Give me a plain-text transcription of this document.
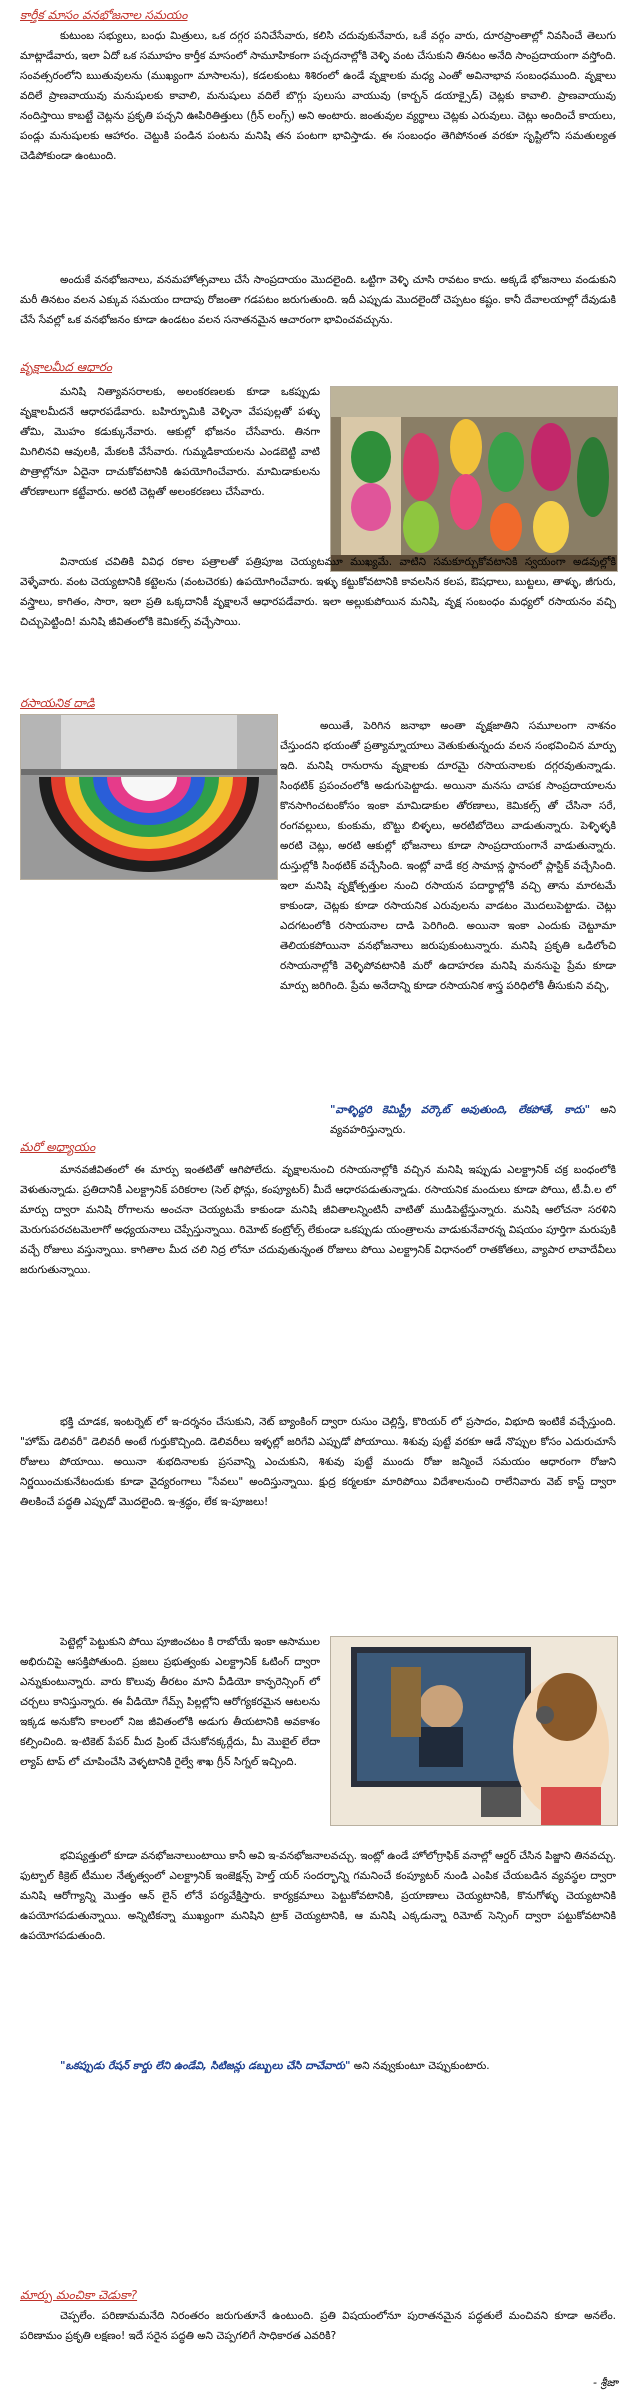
కార్తీక మాసం వనభోజనాల సమయం

కుటుంబ సభ్యులు, బంధు మిత్రులు, ఒక దగ్గర పనిచేసేవారు, కలిసి చదువుకునేవారు, ఒకే వర్గం వారు, దూరప్రాంతాల్లో నివసించే తెలుగు మాట్లాడేవారు, ఇలా ఏదో ఒక సమూహం కార్తీక మాసంలో సామూహికంగా పచ్చదనాల్లోకి వెళ్ళి వంట చేసుకుని తినటం అనేది సాంప్రదాయంగా వస్తోంది. సంవత్సరంలోని ఋతువులను (ముఖ్యంగా మాసాలను), కడలకుంటు శిశిరంలో ఉండే వృక్షాలకు మధ్య ఎంతో అవినాభావ సంబంధముంది. వృక్షాలు వదిలే ప్రాణవాయువు మనుషులకు కావాలి, మనుషులు వదిలే బొగ్గు పులుసు వాయువు (కార్బన్ డయాక్సైడ్) చెట్లకు కావాలి. ప్రాణవాయువు నందిస్తాయి కాబట్టే చెట్లను ప్రకృతి పచ్చని ఊపిరితిత్తులు (గ్రీన్ లంగ్స్) అని అంటారు. జంతువుల వ్యర్థాలు చెట్లకు ఎరువులు. చెట్లు అందించే కాయలు, పండ్లు మనుషులకు ఆహారం. చెట్టుకి పండిన పంటను మనిషి తన పంటగా భావిస్తాడు. ఈ సంబంధం తెగిపోనంత వరకూ సృష్టిలోని సమతుల్యత చెడిపోకుండా ఉంటుంది.

అందుకే వనభోజనాలు, వనమహోత్సవాలు చేసే సాంప్రదాయం మొదలైంది. ఒట్టిగా వెళ్ళి చూసి రావటం కాదు. అక్కడే భోజనాలు వండుకుని మరీ తినటం వలన ఎక్కువ సమయం దాదాపు రోజంతా గడపటం జరుగుతుంది. ఇదీ ఎప్పుడు మొదలైందో చెప్పటం కష్టం. కానీ దేవాలయాల్లో దేవుడుకి చేసే సేవల్లో ఒక వనభోజనం కూడా ఉండటం వలన సనాతనమైన ఆచారంగా భావించవచ్చును.

వృక్షాలమీద ఆధారం

మనిషి నిత్యావసరాలకు, అలంకరణలకు కూడా ఒకప్పుడు వృక్షాలమీదనే ఆధారపడేవారు. బహిర్భూమికి వెళ్ళినా వేపపుల్లతో పళ్ళు తోమి, మొహం కడుక్కునేవారు. ఆకుల్లో భోజనం చేసేవారు. తినగా మిగిలినవి ఆవులకి, మేకలకి వేసేవారు. గుమ్మడికాయలను ఎండబెట్టి వాటి పొత్రాల్లోనూ ఏదైనా దాచుకోవటానికి ఉపయోగించేవారు. మామిడాకులను తోరణాలుగా కట్టేవారు. అరటి చెట్లతో అలంకరణలు చేసేవారు.

వినాయక చవితికి వివిధ రకాల పత్రాలతో పత్రిపూజ చెయ్యటమూ ముఖ్యమే. వాటిని సమకూర్చుకోవటానికి స్వయంగా అడవుల్లోకి వెళ్ళేవారు. వంట చెయ్యటానికి కట్టెలను (వంటచెరకు) ఉపయోగించేవారు. ఇళ్ళు కట్టుకోవటానికి కావలసిన కలప, ఔషధాలు, బుట్టలు, తాళ్ళు, జీగురు, వస్త్రాలు, కాగితం, సారా, ఇలా ప్రతి ఒక్కదానికీ వృక్షాలనే ఆధారపడేవారు. ఇలా అల్లుకుపోయిన మనిషి, వృక్ష సంబంధం మధ్యలో రసాయనం వచ్చి చిచ్చుపెట్టింది! మనిషి జీవితంలోకి కెమికల్స్ వచ్చేసాయి.

రసాయనిక దాడి

అయితే, పెరిగిన జనాభా అంతా వృక్షజాతిని సమూలంగా నాశనం చేస్తుందని భయంతో ప్రత్యామ్నాయాలు వెతుకుతున్నందు వలన సంభవించిన మార్పు ఇది. మనిషి రానురాను వృక్షాలకు దూరమై రసాయనాలకు దగ్గరవుతున్నాడు. సింథటిక్ ప్రపంచంలోకి అడుగుపెట్టాడు. అయినా మనసు చాపక సాంప్రదాయాలను కొనసాగించటంకోసం ఇంకా మామిడాకుల తోరణాలు, కెమికల్స్ తో చేసినా సరే, రంగవల్లులు, కుంకుమ, బొట్టు బిళ్ళలు, అరటిబోదెలు వాడుతున్నారు. పెళ్ళిళ్ళకి అరటి చెట్లు, అరటి ఆకుల్లో భోజనాలు కూడా సాంప్రదాయంగానే వాడుతున్నారు. దుస్తుల్లోకి సింథటిక్ వచ్చేసింది. ఇంట్లో వాడే కర్ర సామాన్ల స్థానంలో ప్లాస్టిక్ వచ్చేసింది. ఇలా మనిషి వృక్షోత్పత్తుల నుంచి రసాయన పదార్థాల్లోకి వచ్చి తాను మారటమే కాకుండా, చెట్లకు కూడా రసాయనిక ఎరువులను వాడటం మొదలుపెట్టాడు. చెట్లు ఎదగటంలోకి రసాయనాల దాడి పెరిగింది. అయినా ఇంకా ఎందుకు చెట్టూమా తెలియకపోయినా వనభోజనాలు జరుపుకుంటున్నారు. మనిషి ప్రకృతి ఒడిలోంచి రసాయనాల్లోకి వెళ్ళిపోవటానికి మరో ఉదాహరణ మనిషి మనసుపై ప్రేమ కూడా మార్పు జరిగింది. ప్రేమ అనేదాన్ని కూడా రసాయనిక శాస్త్ర పరిధిలోకి తీసుకుని వచ్చి,

"వాళ్ళిద్దరి కెమిస్ట్రీ వర్కౌట్ అవుతుంది, లేకపోతే, కాదు" అని వ్యవహరిస్తున్నారు.

మరో అధ్యాయం

మానవజీవితంలో ఈ మార్పు ఇంతటితో ఆగిపోలేదు. వృక్షాలనుంచి రసాయనాల్లోకి వచ్చిన మనిషి ఇప్పుడు ఎలక్ట్రానిక్ చక్ర బంధంలోకి వెళుతున్నాడు. ప్రతిదానికీ ఎలక్ట్రానిక్ పరికరాల (సెల్ ఫోన్లు, కంప్యూటర్) మీదే ఆధారపడుతున్నాడు. రసాయనిక మందులు కూడా పోయి, టీ.వీ.ల లో మార్పు ద్వారా మనిషి రోగాలను అంచనా చెయ్యటమే కాకుండా మనిషి జీవితాలన్నింటినీ వాటితో ముడిపెట్టేస్తున్నారు. మనిషి ఆలోచనా సరళిని మెరుగుపరచటమెలాగో అధ్యయనాలు చెప్పేస్తున్నాయి. రిమోట్ కంట్రోల్స్ లేకుండా ఒకప్పుడు యంత్రాలను వాడుకునేవారన్న విషయం పూర్తిగా మరుపుకి వచ్చే రోజులు వస్తున్నాయి. కాగితాల మీద చలి నిద్ర లోనూ చదువుతున్నంత రోజులు పోయి ఎలక్ట్రానిక్ విధానంలో రాతకోతలు, వ్యాపార లావాదేవీలు జరుగుతున్నాయి.

భక్తి చూడక, ఇంటర్నెట్ లో ఇ-దర్శనం చేసుకుని, నెట్ బ్యాంకింగ్ ద్వారా రుసుం చెల్లిస్తే, కొరియర్ లో ప్రసాదం, విభూది ఇంటికే వచ్చేస్తుంది. "హోమ్ డెలివరీ" డెలివరీ అంటే గుర్తుకొచ్చింది. డెలివరీలు ఇళ్ళల్లో జరిగేవి ఎప్పుడో పోయాయి. శిశువు పుట్టే వరకూ ఆడే నొప్పుల కోసం ఎదురుచూసే రోజులు పోయాయి. అయినా శుభదినాలకు ప్రసవాన్ని ఎంచుకుని, శిశువు పుట్టే ముందు రోజు జన్మించే సమయం ఆధారంగా రోజుని నిర్ణయించుకునేటందుకు కూడా వైద్యరంగాలు "సేవలు" అందిస్తున్నాయి. క్షుద్ర కర్మలకూ మారిపోయి విదేశాలనుంచి రాలేనివారు వెబ్ కాస్ట్ ద్వారా తిలకించే పద్ధతి ఎప్పుడో మొదలైంది. ఇ-శ్రద్ధం, లేక ఇ-పూజలు!

పెట్టెల్లో పెట్టుకుని పోయి పూజించటం కి రాబోయే ఇంకా ఆసాముల అభిరుచిపై ఆసక్తిపోతుంది. ప్రజలు ప్రభుత్వంకు ఎలక్ట్రానిక్ ఓటింగ్ ద్వారా ఎన్నుకుంటున్నారు. వారు కొలువు తీరటం మాని వీడియో కాన్ఫరెన్సింగ్ లో చర్చలు కానిస్తున్నారు. ఈ వీడియో గేమ్స్ పిల్లల్లోని ఆరోగ్యకరమైన ఆటలను ఇక్కడ అనుకోని కాలంలో నిజ జీవితంలోకి అడుగు తీయటానికి అవకాశం కల్పించింది. ఇ-టికెట్ పేపర్ మీద ప్రింట్ చేసుకోనక్కర్లేదు, మీ మొబైల్ లేదా ల్యాప్ టాప్ లో చూపించేసి వెళ్ళటానికి రైల్వే శాఖ గ్రీన్ సిగ్నల్ ఇచ్చింది.

భవిష్యత్తులో కూడా వనభోజనాలుంటాయి కానీ అవి ఇ-వనభోజనాలవచ్చు. ఇంట్లో ఉండే హోలోగ్రాఫిక్ వనాల్లో ఆర్డర్ చేసిన పిజ్జాని తినవచ్చు. ఫుట్బాల్ కిక్రెట్ టీముల నేతృత్వంలో ఎలక్ట్రానిక్ ఇంజెక్షన్స్ హెల్త్ యర్ సందర్భాన్ని గమనించే కంప్యూటర్ నుండి ఎంపిక చేయబడిన వ్యవస్థల ద్వారా మనిషి ఆరోగ్యాన్ని మొత్తం ఆన్ లైన్ లోనే పర్యవేక్షిస్తారు. కార్యక్రమాలు పెట్టుకోవటానికి, ప్రయాణాలు చెయ్యటానికి, కొనుగోళ్ళు చెయ్యటానికి ఉపయోగపడుతున్నాయి. అన్నిటికన్నా ముఖ్యంగా మనిషిని ట్రాక్ చెయ్యటానికి, ఆ మనిషి ఎక్కడున్నా రిమోట్ సెన్సింగ్ ద్వారా పట్టుకోవటానికి ఉపయోగపడుతుంది.

"ఒకప్పుడు రేషన్ కార్డు లేని ఉండేవి, సిటిజన్లు డబ్బులు చేసి దాచేవారు" అని నవ్వుకుంటూ చెప్పుకుంటారు.

మార్పు మంచికా చెడుకా?

చెప్పలేం. పరిణామమనేది నిరంతరం జరుగుతూనే ఉంటుంది. ప్రతి విషయంలోనూ పురాతనమైన పద్ధతులే మంచివని కూడా అనలేం. పరిణామం ప్రకృతి లక్షణం! ఇదే సరైన పద్ధతి అని చెప్పగలిగే సాధికారత ఎవరికి?

- శ్రీజా
